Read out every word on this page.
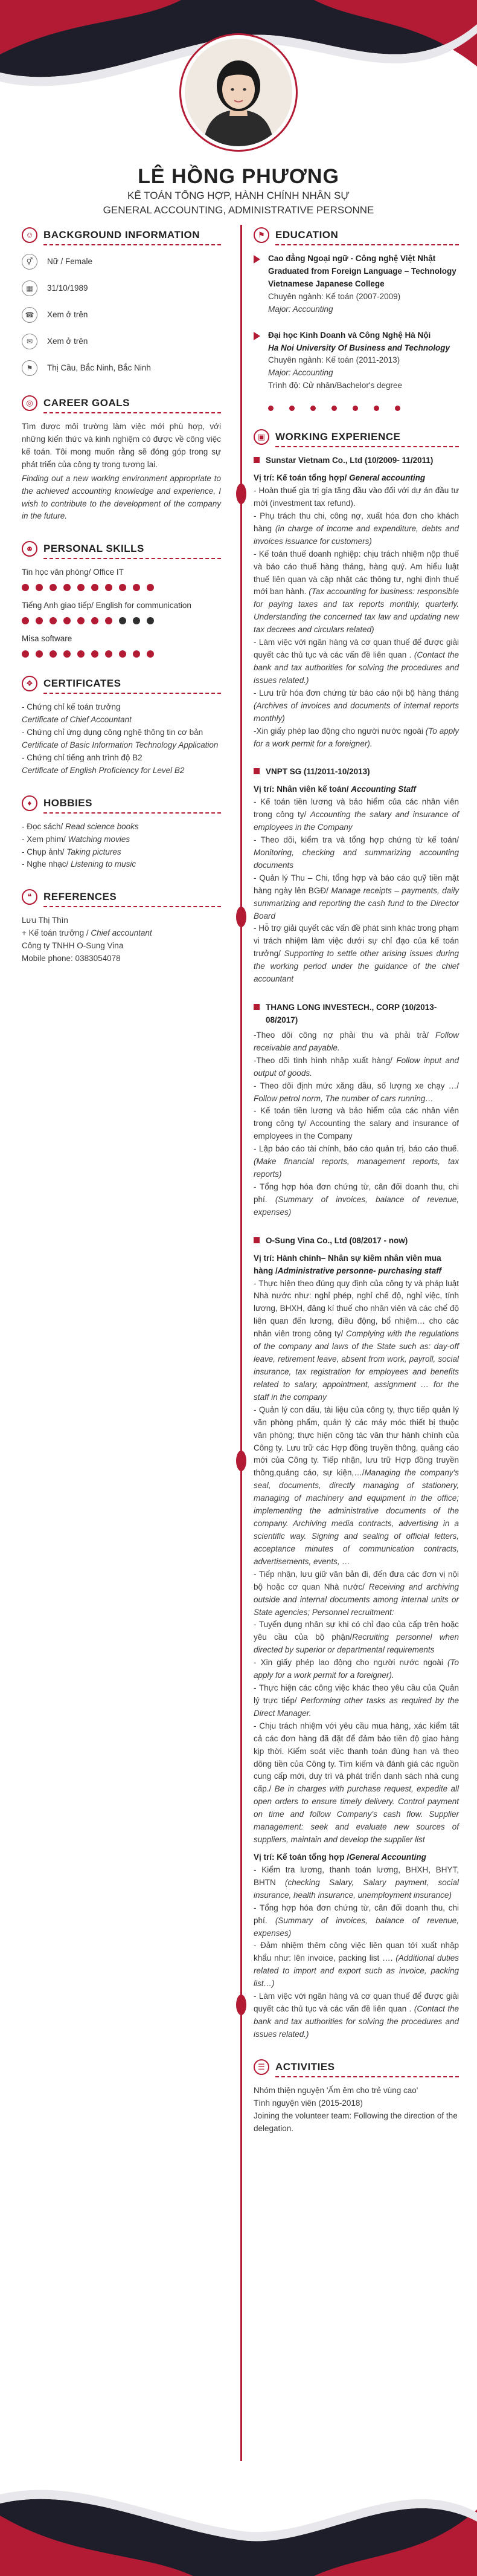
LÊ HỒNG PHƯƠNG
KẾ TOÁN TỔNG HỢP, HÀNH CHÍNH NHÂN SỰ
GENERAL ACCOUNTING, ADMINISTRATIVE PERSONNE
☺ BACKGROUND INFORMATION
⚥	Nữ / Female
▦	31/10/1989
☎	Xem ở trên
✉	Xem ở trên
⚑	Thị Cầu, Bắc Ninh, Bắc Ninh
◎	CAREER GOALS

Tìm được môi trường làm việc mới phù hợp, với những kiến thức và kinh nghiệm có được về công việc kế toán. Tôi mong muốn rằng sẽ đóng góp trong sự phát triển của công ty trong tương lai.

Finding out a new working environment appropriate to the achieved accounting knowledge and experience, I wish to contribute to the development of the company in the future.

☻ PERSONAL SKILLS
Tin học văn phòng/ Office IT
Tiếng Anh giao tiếp/ English for communication
Misa software
❖	CERTIFICATES
- Chứng chỉ kế toán trưởng
Certificate of Chief Accountant
- Chứng chỉ ứng dụng công nghệ thông tin cơ bản
Certificate of Basic Information Technology Application
- Chứng chỉ tiếng anh trình độ B2
Certificate of English Proficiency for Level B2
♦	HOBBIES
- Đọc sách/ Read science books
- Xem phim/ Watching movies
- Chụp ảnh/ Taking pictures
- Nghe nhạc/ Listening to music
❝	REFERENCES
Lưu Thị Thìn
+ Kế toán trưởng / Chief accountant
Công ty TNHH O-Sung Vina
Mobile phone: 0383054078
⚑	EDUCATION
Cao đẳng Ngoại ngữ - Công nghệ Việt Nhật
Graduated from Foreign Language – Technology Vietnamese Japanese College
Chuyên ngành: Kế toán (2007-2009)
Major: Accounting
Đại học Kinh Doanh và Công Nghệ Hà Nội
Ha Noi University Of Business and Technology
Chuyên ngành: Kế toán (2011-2013)
Major: Accounting
Trình độ: Cử nhân/Bachelor's degree
▣ WORKING EXPERIENCE
Sunstar Vietnam Co., Ltd (10/2009- 11/2011)
Vị trí: Kế toán tổng hợp/ General accounting

- Hoàn thuế gia trị gia tăng đầu vào đối với dự án đầu tư mới (investment tax refund).

- Phụ trách thu chi, công nợ, xuất hóa đơn cho khách hàng (in charge of income and expenditure, debts and invoices issuance for customers)

- Kế toán thuế doanh nghiệp: chịu trách nhiệm nộp thuế và báo cáo thuế hàng tháng, hàng quý. Am hiểu luật thuế liên quan và cập nhật các thông tư, nghị định thuế mới ban hành. (Tax accounting for business: responsible for paying taxes and tax reports monthly, quarterly. Understanding the concerned tax law and updating new tax decrees and circulars related)

- Làm việc với ngân hàng và cơ quan thuế để được giải quyết các thủ tục và các vấn đề liên quan . (Contact the bank and tax authorities for solving the procedures and issues related.)

- Lưu trữ hóa đơn chứng từ báo cáo nội bộ hàng tháng (Archives of invoices and documents of internal reports monthly)

-Xin giấy phép lao động cho người nước ngoài (To apply for a work permit for a foreigner).

VNPT SG (11/2011-10/2013)
Vị trí: Nhân viên kế toán/ Accounting Staff

- Kế toán tiền lương và bảo hiểm của các nhân viên trong công ty/ Accounting the salary and insurance of employees in the Company

- Theo dõi, kiểm tra và tổng hợp chứng từ kế toán/ Monitoring, checking and summarizing accounting documents

- Quản lý Thu – Chi, tổng hợp và báo cáo quỹ tiền mặt hàng ngày lên BGĐ/ Manage receipts – payments, daily summarizing and reporting the cash fund to the Director Board

- Hỗ trợ giải quyết các vấn đề phát sinh khác trong phạm vi trách nhiệm làm việc dưới sự chỉ đạo của kế toán trưởng/ Supporting to settle other arising issues during the working period under the guidance of the chief accountant

THANG LONG INVESTECH., CORP (10/2013-08/2017)

-Theo dõi công nợ phải thu và phải trả/ Follow receivable and payable.

-Theo dõi tình hình nhập xuất hàng/ Follow input and output of goods.

- Theo dõi định mức xăng dầu, số lượng xe chạy …/ Follow petrol norm, The number of cars running…

- Kế toán tiền lương và bảo hiểm của các nhân viên trong công ty/ Accounting the salary and insurance of employees in the Company

- Lập báo cáo tài chính, báo cáo quản trị, báo cáo thuế. (Make financial reports, management reports, tax reports)

- Tổng hợp hóa đơn chứng từ, cân đối doanh thu, chi phí. (Summary of invoices, balance of revenue, expenses)

O-Sung Vina Co., Ltd (08/2017 - now)
Vị trí: Hành chính– Nhân sự kiêm nhân viên mua hàng /Administrative personne- purchasing staff

- Thực hiện theo đúng quy định của công ty và pháp luật Nhà nước như: nghỉ phép, nghỉ chế độ, nghỉ việc, tính lương, BHXH, đăng kí thuế cho nhân viên và các chế độ liên quan đến lương, điều động, bổ nhiệm… cho các nhân viên trong công ty/ Complying with the regulations of the company and laws of the State such as: day-off leave, retirement leave, absent from work, payroll, social insurance, tax registration for employees and benefits related to salary, appointment, assignment … for the staff in the company

- Quản lý con dấu, tài liệu của công ty, thực tiếp quản lý văn phòng phẩm, quản lý các máy móc thiết bị thuộc văn phòng; thực hiện công tác văn thư hành chính của Công ty. Lưu trữ các Hợp đồng truyền thông, quảng cáo mới của Công ty. Tiếp nhận, lưu trữ Hợp đồng truyền thông,quảng cáo, sự kiện,…/Managing the company's seal, documents, directly managing of stationery, managing of machinery and equipment in the office; implementing the administrative documents of the company. Archiving media contracts, advertising in a scientific way. Signing and sealing of official letters, acceptance minutes of communication contracts, advertisements, events, …

- Tiếp nhận, lưu giữ văn bản đi, đến đưa các đơn vị nội bộ hoặc cơ quan Nhà nước/ Receiving and archiving outside and internal documents among internal units or State agencies; Personnel recruitment:

- Tuyển dụng nhân sự khi có chỉ đạo của cấp trên hoặc yêu cầu của bộ phận/Recruiting personnel when directed by superior or departmental requirements

- Xin giấy phép lao động cho người nước ngoài (To apply for a work permit for a foreigner).

- Thực hiện các công việc khác theo yêu cầu của Quản lý trực tiếp/ Performing other tasks as required by the Direct Manager.

- Chịu trách nhiệm với yêu cầu mua hàng, xác kiểm tất cả các đơn hàng đã đặt để đảm bảo tiền độ giao hàng kịp thời. Kiểm soát việc thanh toán đúng hạn và theo dõng tiền của Công ty. Tìm kiếm và đánh giá các nguồn cung cấp mới, duy trì và phát triển danh sách nhà cung cấp./ Be in charges with purchase request, expedite all open orders to ensure timely delivery. Control payment on time and follow Company's cash flow. Supplier management: seek and evaluate new sources of suppliers, maintain and develop the supplier list

Vị trí: Kế toán tổng hợp /General Accounting

- Kiểm tra lương, thanh toán lương, BHXH, BHYT, BHTN (checking Salary, Salary payment, social insurance, health insurance, unemployment insurance)

- Tổng hợp hóa đơn chứng từ, cân đối doanh thu, chi phí. (Summary of invoices, balance of revenue, expenses)

- Đảm nhiệm thêm công việc liên quan tới xuất nhập khẩu như: lên invoice, packing list …. (Additional duties related to import and export such as invoice, packing list…)

- Làm việc với ngân hàng và cơ quan thuế để được giải quyết các thủ tục và các vấn đề liên quan . (Contact the bank and tax authorities for solving the procedures and issues related.)

☰	ACTIVITIES
Nhóm thiện nguyện 'Ấm êm cho trẻ vùng cao'
Tình nguyện viên (2015-2018)
Joining the volunteer team: Following the direction of the delegation.
